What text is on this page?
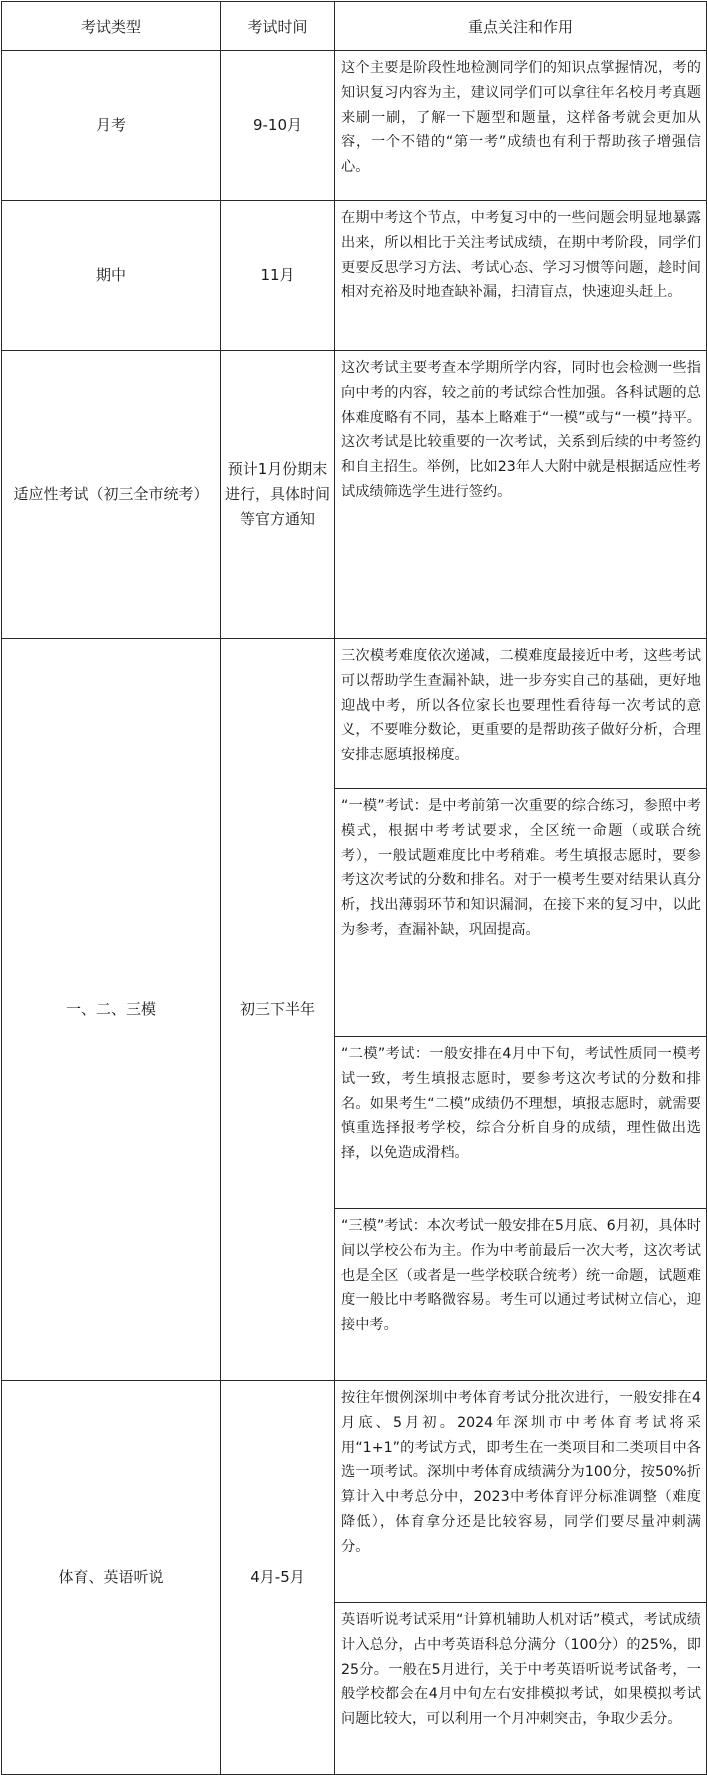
考试类型	考试时间	重点关注和作用
月考	9-10月	这个主要是阶段性地检测同学们的知识点掌握情况，考的知识复习内容为主，建议同学们可以拿往年名校月考真题来刷一刷，了解一下题型和题量，这样备考就会更加从容，一个不错的“第一考”成绩也有利于帮助孩子增强信心。
期中	11月	在期中考这个节点，中考复习中的一些问题会明显地暴露出来，所以相比于关注考试成绩，在期中考阶段，同学们更要反思学习方法、考试心态、学习习惯等问题，趁时间相对充裕及时地查缺补漏，扫清盲点，快速迎头赶上。
适应性考试（初三全市统考）	预计1月份期末进行，具体时间等官方通知	这次考试主要考查本学期所学内容，同时也会检测一些指向中考的内容，较之前的考试综合性加强。各科试题的总体难度略有不同，基本上略难于“一模”或与“一模”持平。这次考试是比较重要的一次考试，关系到后续的中考签约和自主招生。举例，比如23年人大附中就是根据适应性考试成绩筛选学生进行签约。
一、二、三模	初三下半年	三次模考难度依次递减，二模难度最接近中考，这些考试可以帮助学生查漏补缺，进一步夯实自己的基础，更好地迎战中考，所以各位家长也要理性看待每一次考试的意义，不要唯分数论，更重要的是帮助孩子做好分析，合理安排志愿填报梯度。
		“一模”考试：是中考前第一次重要的综合练习，参照中考模式，根据中考考试要求，全区统一命题（或联合统考），一般试题难度比中考稍难。考生填报志愿时，要参考这次考试的分数和排名。对于一模考生要对结果认真分析，找出薄弱环节和知识漏洞，在接下来的复习中，以此为参考，查漏补缺，巩固提高。
		“二模”考试：一般安排在4月中下旬，考试性质同一模考试一致，考生填报志愿时，要参考这次考试的分数和排名。如果考生“二模”成绩仍不理想，填报志愿时，就需要慎重选择报考学校，综合分析自身的成绩，理性做出选择，以免造成滑档。
		“三模”考试：本次考试一般安排在5月底、6月初，具体时间以学校公布为主。作为中考前最后一次大考，这次考试也是全区（或者是一些学校联合统考）统一命题，试题难度一般比中考略微容易。考生可以通过考试树立信心，迎接中考。
体育、英语听说	4月-5月	按往年惯例深圳中考体育考试分批次进行，一般安排在4月底、5月初。2024年深圳市中考体育考试将采用“1+1”的考试方式，即考生在一类项目和二类项目中各选一项考试。深圳中考体育成绩满分为100分，按50%折算计入中考总分中，2023中考体育评分标准调整（难度降低），体育拿分还是比较容易，同学们要尽量冲刺满分。
		英语听说考试采用“计算机辅助人机对话”模式，考试成绩计入总分，占中考英语科总分满分（100分）的25%，即25分。一般在5月进行，关于中考英语听说考试备考，一般学校都会在4月中旬左右安排模拟考试，如果模拟考试问题比较大，可以利用一个月冲刺突击，争取少丢分。
